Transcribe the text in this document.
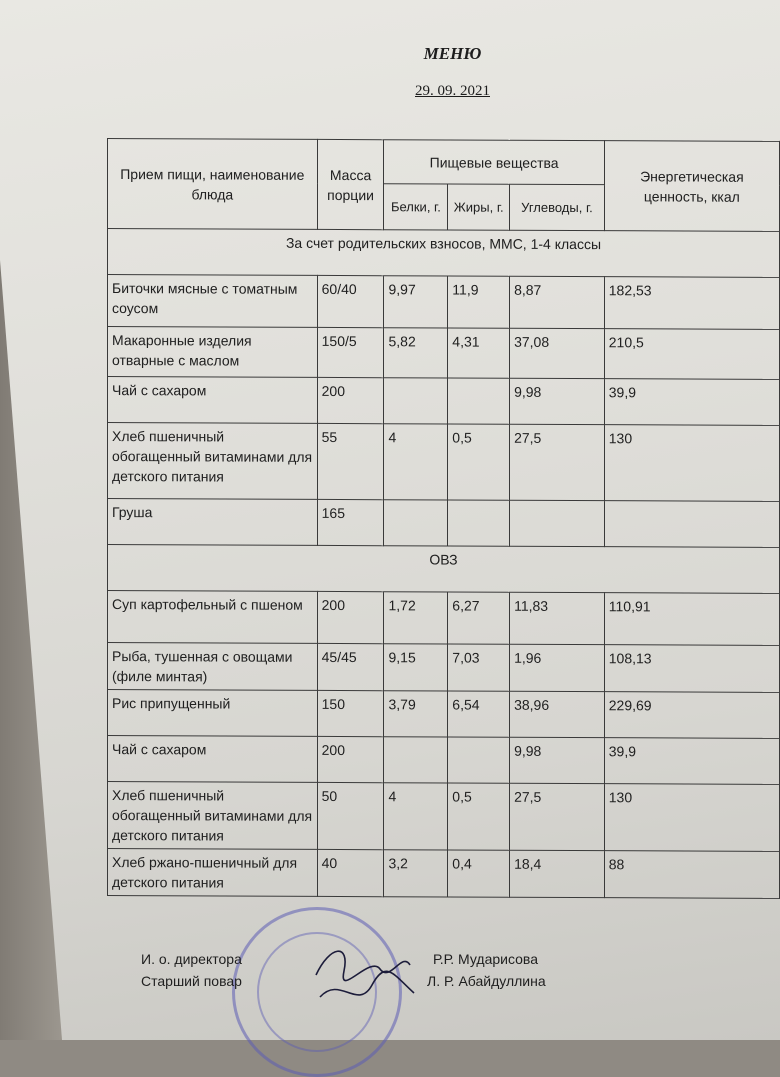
МЕНЮ
29. 09. 2021
Прием пищи, наименование блюда	Масса порции	Пищевые вещества			Энергетическая ценность, ккал
		Белки, г.	Жиры, г.	Углеводы, г.	
За счет родительских взносов, ММС, 1-4 классы					
Биточки мясные с томатным соусом	60/40	9,97	11,9	8,87	182,53
Макаронные изделия отварные с маслом	150/5	5,82	4,31	37,08	210,5
Чай с сахаром	200			9,98	39,9
Хлеб пшеничный обогащенный витаминами для детского питания	55	4	0,5	27,5	130
Груша	165				
ОВЗ					
Суп картофельный с пшеном	200	1,72	6,27	11,83	110,91
Рыба, тушенная с овощами (филе минтая)	45/45	9,15	7,03	1,96	108,13
Рис припущенный	150	3,79	6,54	38,96	229,69
Чай с сахаром	200			9,98	39,9
Хлеб пшеничный обогащенный витаминами для детского питания	50	4	0,5	27,5	130
Хлеб ржано-пшеничный для детского питания	40	3,2	0,4	18,4	88
И. о. директора	Р.Р. Мударисова
Старший повар	Л. Р. Абайдуллина
